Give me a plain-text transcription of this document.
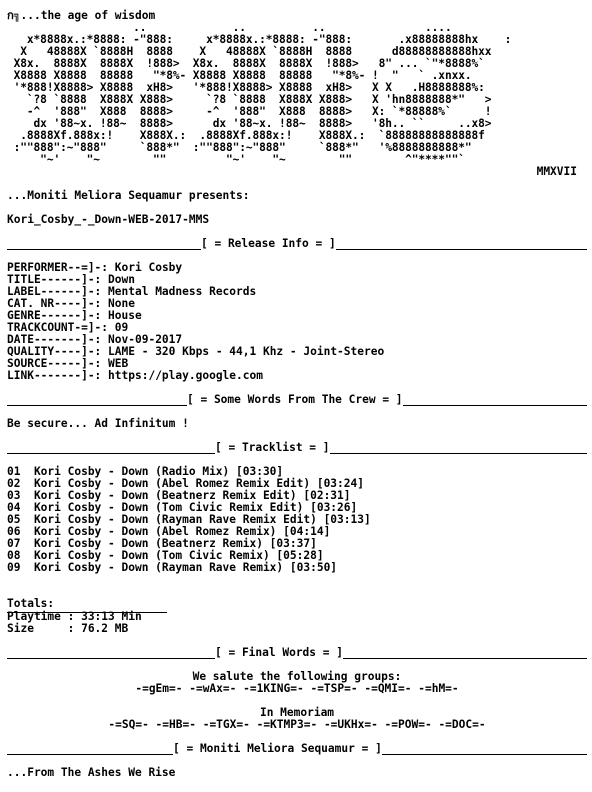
ก╗...the age of wisdom
..             ..          ..               ....
x*8888x.:*8888: -"888:     x*8888x.:*8888: -"888:       .x88888888hx    :
X   48888X `8888H  8888    X   48888X `8888H  8888      d88888888888hxx
X8x.  8888X  8888X  !888>  X8x.  8888X  8888X  !888>   8" ... `"*8888%`
X8888 X8888  88888   "*8%- X8888 X8888  88888   "*8%- !  "   ` .xnxx.
'*888!X8888> X8888  xH8>   '*888!X8888> X8888  xH8>   X X   .H8888888%:
`?8 `8888  X888X X888>     `?8 `8888  X888X X888>   X 'hn8888888*"   >
-^  '888"  X888  8888>     -^  '888"  X888  8888>   X: `*88888%`     !
dx '88~x. !88~  8888>      dx '88~x. !88~  8888>   '8h.. ``     ..x8>
.8888Xf.888x:!    X888X.:  .8888Xf.888x:!    X888X.:  `88888888888888f
:""888":~"888"     `888*"  :""888":~"888"     `888*"   '%8888888888*"
"~'    "~        ""         "~'    "~        ""        ^"****""`
MMXVII
...Moniti Meliora Sequamur presents:
Kori_Cosby_-_Down-WEB-2017-MMS
[ = Release Info = ]
PERFORMER--=]-: Kori Cosby
TITLE------]-: Down
LABEL------]-: Mental Madness Records
CAT. NR----]-: None
GENRE------]-: House
TRACKCOUNT-=]-: 09
DATE-------]-: Nov-09-2017
QUALITY----]-: LAME - 320 Kbps - 44,1 Khz - Joint-Stereo
SOURCE-----]-: WEB
LINK-------]-: https://play.google.com
[ = Some Words From The Crew = ]
Be secure... Ad Infinitum !
[ = Tracklist = ]
01  Kori Cosby - Down (Radio Mix) [03:30]
02  Kori Cosby - Down (Abel Romez Remix Edit) [03:24]
03  Kori Cosby - Down (Beatnerz Remix Edit) [02:31]
04  Kori Cosby - Down (Tom Civic Remix Edit) [03:26]
05  Kori Cosby - Down (Rayman Rave Remix Edit) [03:13]
06  Kori Cosby - Down (Abel Romez Remix) [04:14]
07  Kori Cosby - Down (Beatnerz Remix) [03:37]
08  Kori Cosby - Down (Tom Civic Remix) [05:28]
09  Kori Cosby - Down (Rayman Rave Remix) [03:50]
Totals:
Playtime : 33:13 Min
Size     : 76.2 MB
[ = Final Words = ]
We salute the following groups:
-=gEm=- -=wAx=- -=1KING=- -=TSP=- -=QMI=- -=hM=-
In Memoriam
-=SQ=- -=HB=- -=TGX=- -=KTMP3=- -=UKHx=- -=POW=- -=DOC=-
[ = Moniti Meliora Sequamur = ]
...From The Ashes We Rise
